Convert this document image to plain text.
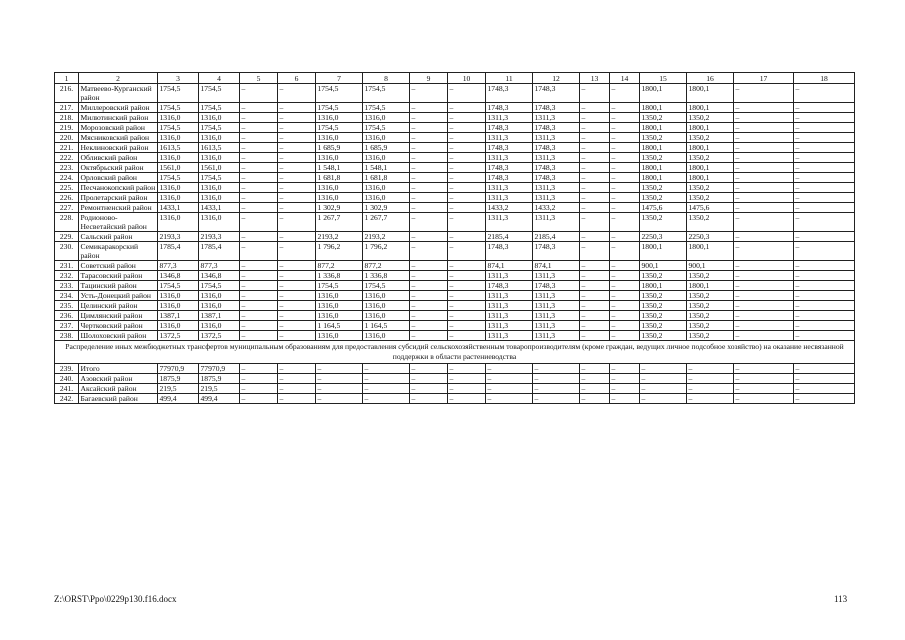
1	2	3	4	5	6	7	8	9	10	11	12	13	14	15	16	17	18
216.	Матвеево-Курганский район	1754,5	1754,5	–	–	1754,5	1754,5	–	–	1748,3	1748,3	–	–	1800,1	1800,1	–	–
217.	Миллеровский район	1754,5	1754,5	–	–	1754,5	1754,5	–	–	1748,3	1748,3	–	–	1800,1	1800,1	–	–
218.	Милютинский район	1316,0	1316,0	–	–	1316,0	1316,0	–	–	1311,3	1311,3	–	–	1350,2	1350,2	–	–
219.	Морозовский район	1754,5	1754,5	–	–	1754,5	1754,5	–	–	1748,3	1748,3	–	–	1800,1	1800,1	–	–
220.	Мясниковский район	1316,0	1316,0	–	–	1316,0	1316,0	–	–	1311,3	1311,3	–	–	1350,2	1350,2	–	–
221.	Неклиновский район	1613,5	1613,5	–	–	1 685,9	1 685,9	–	–	1748,3	1748,3	–	–	1800,1	1800,1	–	–
222.	Обливский район	1316,0	1316,0	–	–	1316,0	1316,0	–	–	1311,3	1311,3	–	–	1350,2	1350,2	–	–
223.	Октябрьский район	1561,0	1561,0	–	–	1 548,1	1 548,1	–	–	1748,3	1748,3	–	–	1800,1	1800,1	–	–
224.	Орловский район	1754,5	1754,5	–	–	1 681,8	1 681,8	–	–	1748,3	1748,3	–	–	1800,1	1800,1	–	–
225.	Песчанокопский район	1316,0	1316,0	–	–	1316,0	1316,0	–	–	1311,3	1311,3	–	–	1350,2	1350,2	–	–
226.	Пролетарский район	1316,0	1316,0	–	–	1316,0	1316,0	–	–	1311,3	1311,3	–	–	1350,2	1350,2	–	–
227.	Ремонтненский район	1433,1	1433,1	–	–	1 302,9	1 302,9	–	–	1433,2	1433,2	–	–	1475,6	1475,6	–	–
228.	Родионово-Несветайский район	1316,0	1316,0	–	–	1 267,7	1 267,7	–	–	1311,3	1311,3	–	–	1350,2	1350,2	–	–
229.	Сальский район	2193,3	2193,3	–	–	2193,2	2193,2	–	–	2185,4	2185,4	–	–	2250,3	2250,3	–	–
230.	Семикаракорский район	1785,4	1785,4	–	–	1 796,2	1 796,2	–	–	1748,3	1748,3	–	–	1800,1	1800,1	–	–
231.	Советский район	877,3	877,3	–	–	877,2	877,2	–	–	874,1	874,1	–	–	900,1	900,1	–	–
232.	Тарасовский район	1346,8	1346,8	–	–	1 336,8	1 336,8	–	–	1311,3	1311,3	–	–	1350,2	1350,2	–	–
233.	Тацинский район	1754,5	1754,5	–	–	1754,5	1754,5	–	–	1748,3	1748,3	–	–	1800,1	1800,1	–	–
234.	Усть-Донецкий район	1316,0	1316,0	–	–	1316,0	1316,0	–	–	1311,3	1311,3	–	–	1350,2	1350,2	–	–
235.	Целинский район	1316,0	1316,0	–	–	1316,0	1316,0	–	–	1311,3	1311,3	–	–	1350,2	1350,2	–	–
236.	Цимлянский район	1387,1	1387,1	–	–	1316,0	1316,0	–	–	1311,3	1311,3	–	–	1350,2	1350,2	–	–
237.	Чертковский район	1316,0	1316,0	–	–	1 164,5	1 164,5	–	–	1311,3	1311,3	–	–	1350,2	1350,2	–	–
238.	Шолоховский район	1372,5	1372,5	–	–	1316,0	1316,0	–	–	1311,3	1311,3	–	–	1350,2	1350,2	–	–
Распределение иных межбюджетных трансфертов муниципальным образованиям для предоставления субсидий сельскохозяйственным товаропроизводителям (кроме граждан, ведущих личное подсобное хозяйство) на оказание несвязанной поддержки в области растениеводства																	
239.	Итого	77970,9	77970,9	–	–	–	–	–	–	–	–	–	–	–	–	–	–
240.	Азовский район	1875,9	1875,9	–	–	–	–	–	–	–	–	–	–	–	–	–	–
241.	Аксайский район	219,5	219,5	–	–	–	–	–	–	–	–	–	–	–	–	–	–
242.	Багаевский район	499,4	499,4	–	–	–	–	–	–	–	–	–	–	–	–	–	–
Z:\ORST\Ppo\0229p130.f16.docx	113
